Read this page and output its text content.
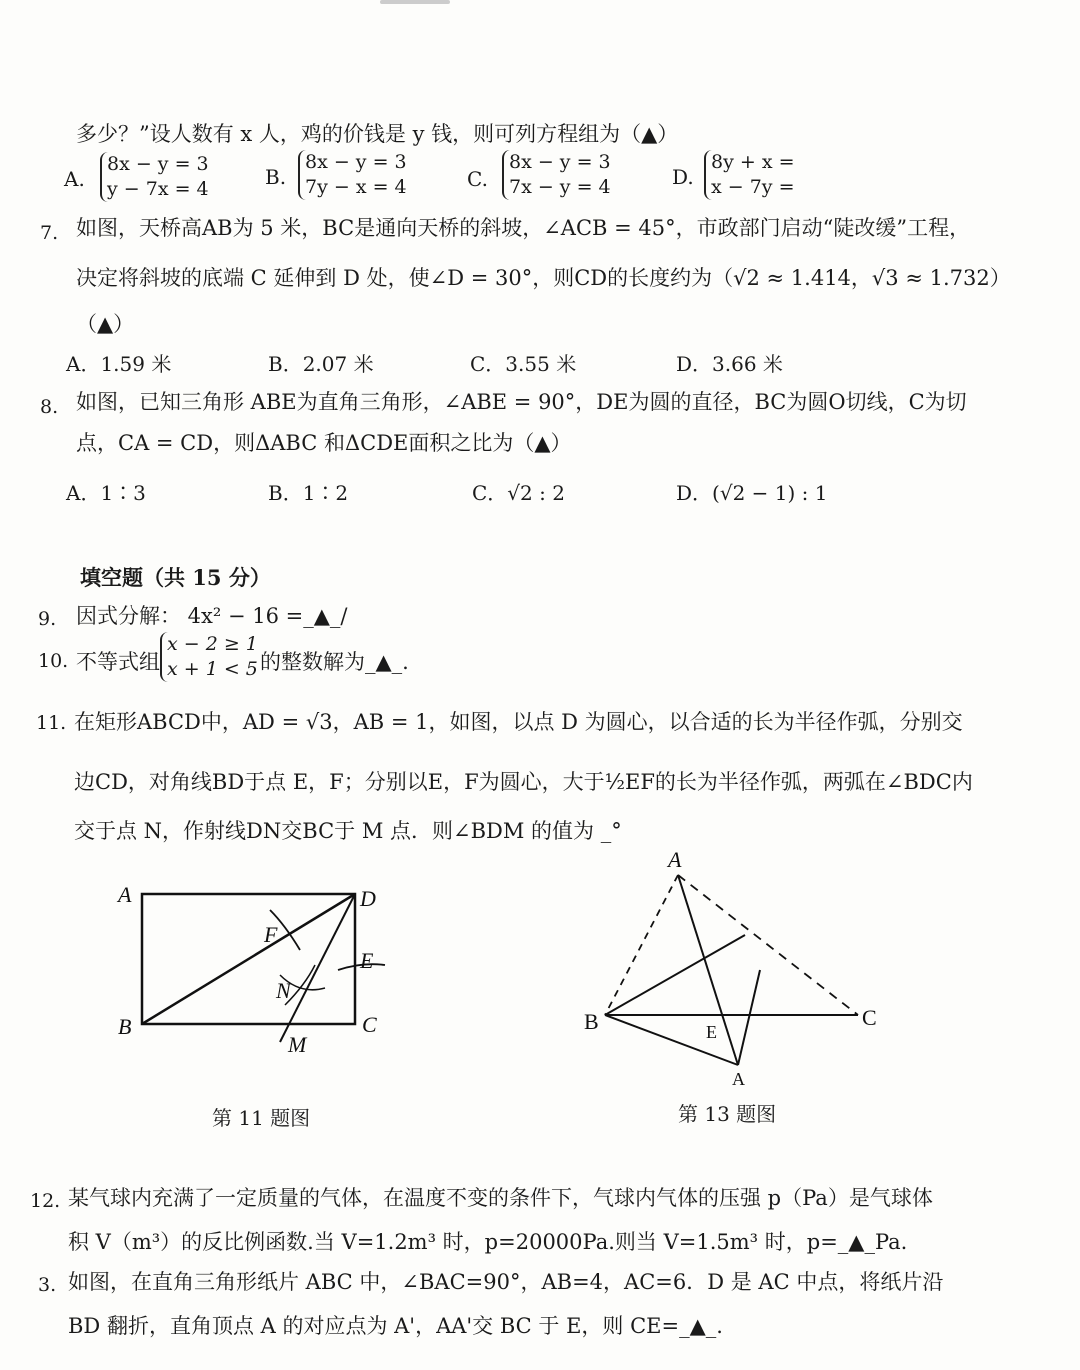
多少？”设人数有 x 人，鸡的价钱是 y 钱，则可列方程组为（▲）
A.
8x − y = 3
y − 7x = 4	B.
8x − y = 3
7y − x = 4	C.
8x − y = 3
7x − y = 4	D.
8y + x =
x − 7y =
7. 如图，天桥高AB为 5 米，BC是通向天桥的斜坡，∠ACB = 45°，市政部门启动“陡改缓”工程，
决定将斜坡的底端 C 延伸到 D 处，使∠D = 30°，则CD的长度约为（√2 ≈ 1.414，√3 ≈ 1.732）
（▲）
A．1.59 米	B．2.07 米	C．3.55 米	D．3.66 米
8. 如图，已知三角形 ABE为直角三角形，∠ABE = 90°，DE为圆的直径，BC为圆O切线，C为切
点，CA = CD，则ΔABC 和ΔCDE面积之比为（▲）
A．1∶3	B．1∶2	C．√2 : 2	D．(√2 − 1) : 1
填空题（共 15 分）
9. 因式分解： 4x² − 16 =_▲_/
10. 不等式组
x − 2 ≥ 1
x + 1 < 5 的整数解为_▲_.
11. 在矩形ABCD中，AD = √3，AB = 1，如图，以点 D 为圆心，以合适的长为半径作弧，分别交
边CD，对角线BD于点 E，F；分别以E，F为圆心，大于½EF的长为半径作弧，两弧在∠BDC内
交于点 N，作射线DN交BC于 M 点．则∠BDM 的值为 _°
A
B	C
D
E
F
N
M
第 11 题图
A
B	C
E
A
第 13 题图
12. 某气球内充满了一定质量的气体，在温度不变的条件下，气球内气体的压强 p（Pa）是气球体
积 V（m³）的反比例函数.当 V=1.2m³ 时，p=20000Pa.则当 V=1.5m³ 时，p=_▲_Pa.
3. 如图，在直角三角形纸片 ABC 中，∠BAC=90°，AB=4，AC=6．D 是 AC 中点，将纸片沿
BD 翻折，直角顶点 A 的对应点为 A'，AA'交 BC 于 E，则 CE=_▲_.
